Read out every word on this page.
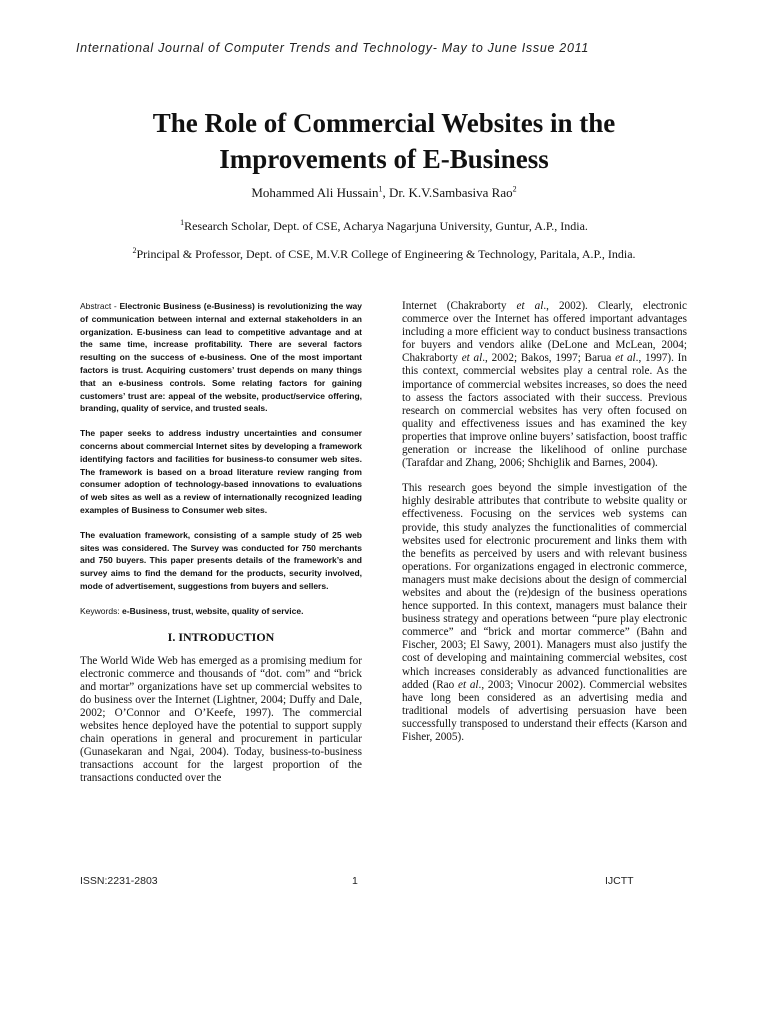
International Journal of Computer Trends and Technology- May to June Issue 2011
The Role of Commercial Websites in the
Improvements of E-Business
Mohammed Ali Hussain$^1$, Dr. K.V.Sambasiva Rao$^2$
$^1$Research Scholar, Dept. of CSE, Acharya Nagarjuna University, Guntur, A.P., India.
$^2$Principal & Professor, Dept. of CSE, M.V.R College of Engineering & Technology, Paritala, A.P., India.

Abstract - Electronic Business (e-Business) is revolutionizing the way of communication between internal and external stakeholders in an organization. E-business can lead to competitive advantage and at the same time, increase profitability. There are several factors resulting on the success of e-business. One of the most important factors is trust. Acquiring customers’ trust depends on many things that an e-business controls. Some relating factors for gaining customers’ trust are: appeal of the website, product/service offering, branding, quality of service, and trusted seals.

The paper seeks to address industry uncertainties and consumer concerns about commercial Internet sites by developing a framework identifying factors and facilities for business-to consumer web sites. The framework is based on a broad literature review ranging from consumer adoption of technology-based innovations to evaluations of web sites as well as a review of internationally recognized leading examples of Business to Consumer web sites.

The evaluation framework, consisting of a sample study of 25 web sites was considered. The Survey was conducted for 750 merchants and 750 buyers. This paper presents details of the framework’s and survey aims to find the demand for the products, security involved, mode of advertisement, suggestions from buyers and sellers.

Keywords: e-Business, trust, website, quality of service.

I. INTRODUCTION

The World Wide Web has emerged as a promising medium for electronic commerce and thousands of “dot. com” and “brick and mortar” organizations have set up commercial websites to do business over the Internet (Lightner, 2004; Duffy and Dale, 2002; O’Connor and O’Keefe, 1997). The commercial websites hence deployed have the potential to support supply chain operations in general and procurement in particular (Gunasekaran and Ngai, 2004). Today, business-to-business transactions account for the largest proportion of the transactions conducted over the

Internet (Chakraborty et al., 2002). Clearly, electronic commerce over the Internet has offered important advantages including a more efficient way to conduct business transactions for buyers and vendors alike (DeLone and McLean, 2004; Chakraborty et al., 2002; Bakos, 1997; Barua et al., 1997). In this context, commercial websites play a central role. As the importance of commercial websites increases, so does the need to assess the factors associated with their success. Previous research on commercial websites has very often focused on quality and effectiveness issues and has examined the key properties that improve online buyers’ satisfaction, boost traffic generation or increase the likelihood of online purchase (Tarafdar and Zhang, 2006; Shchiglik and Barnes, 2004).

This research goes beyond the simple investigation of the highly desirable attributes that contribute to website quality or effectiveness. Focusing on the services web systems can provide, this study analyzes the functionalities of commercial websites used for electronic procurement and links them with the benefits as perceived by users and with relevant business operations. For organizations engaged in electronic commerce, managers must make decisions about the design of commercial websites and about the (re)design of the business operations hence supported. In this context, managers must balance their business strategy and operations between “pure play electronic commerce” and “brick and mortar commerce” (Bahn and Fischer, 2003; El Sawy, 2001). Managers must also justify the cost of developing and maintaining commercial websites, cost which increases considerably as advanced functionalities are added (Rao et al., 2003; Vinocur 2002). Commercial websites have long been considered as an advertising media and traditional models of advertising persuasion have been successfully transposed to understand their effects (Karson and Fisher, 2005).

ISSN:2231-2803	1	IJCTT
